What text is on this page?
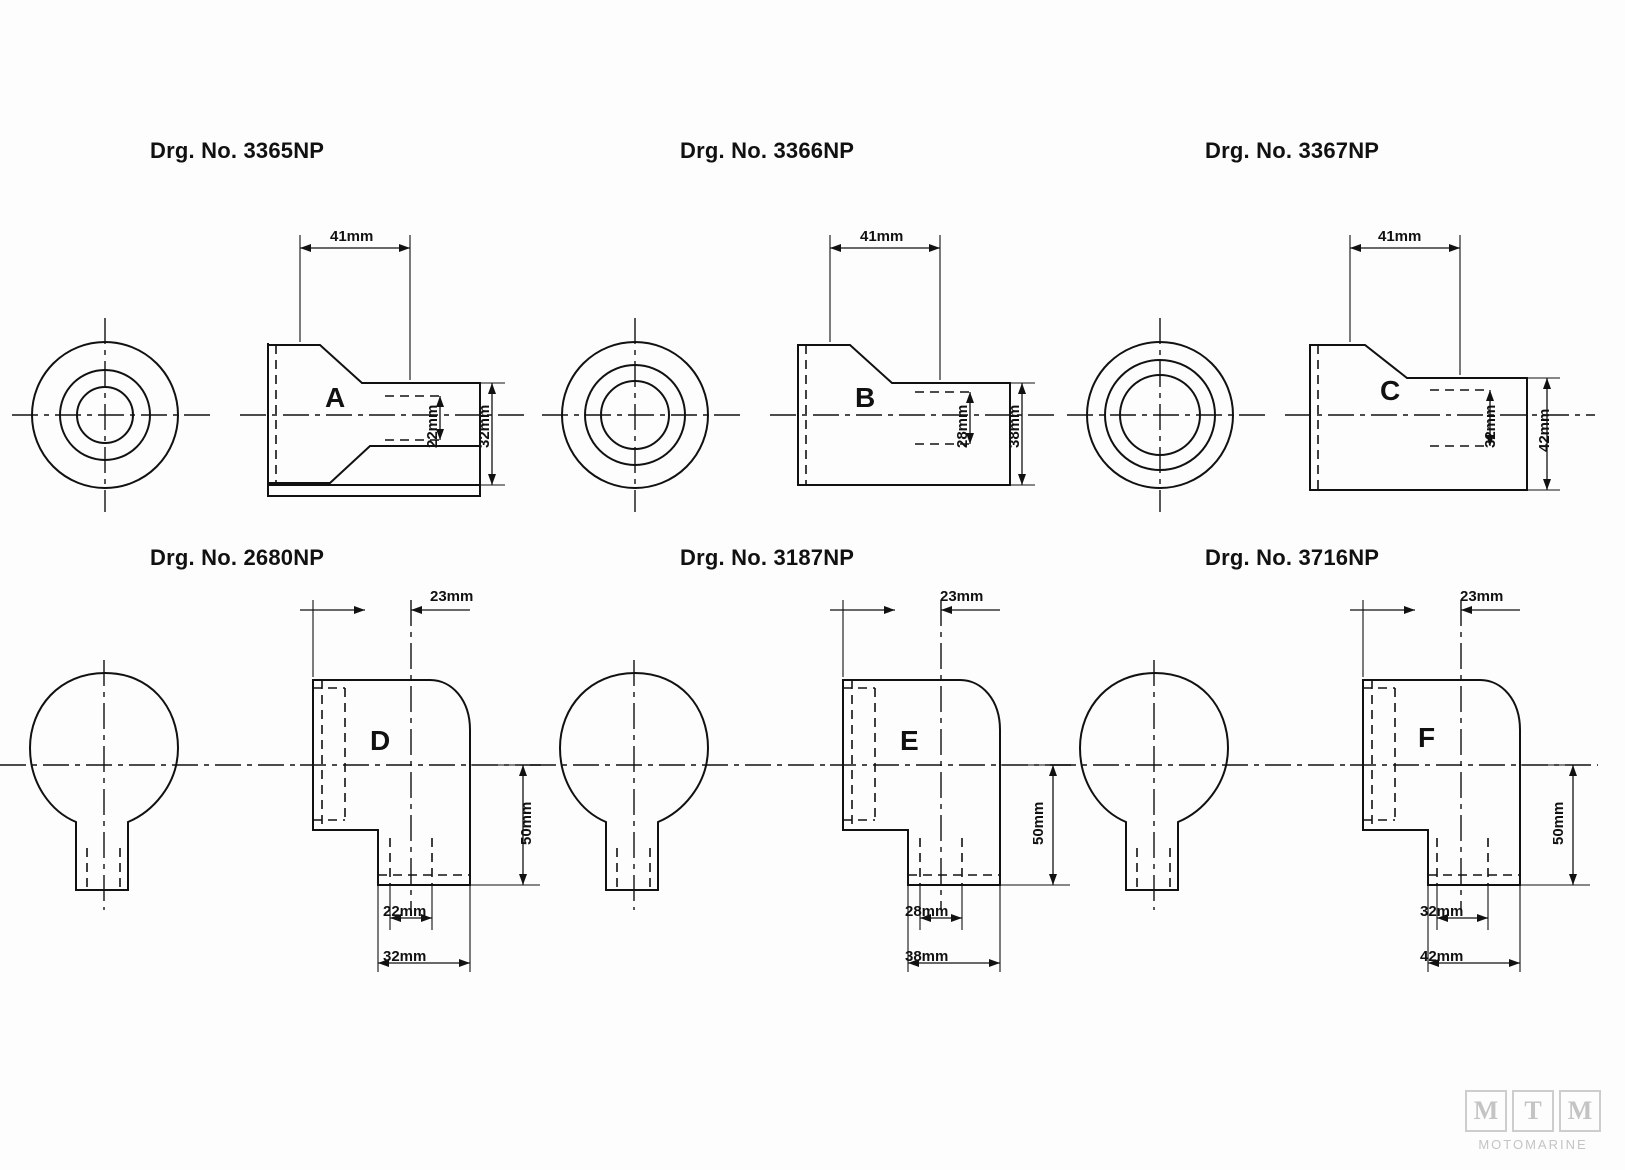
Drg. No. 3365NP
A
41mm
22mm 32mm
Drg. No. 3366NP
B
41mm
28mm 38mm
Drg. No. 3367NP
C
41mm
32mm 42mm
Drg. No. 2680NP
D
23mm
50mm
22mm
32mm
Drg. No. 3187NP
E
23mm
50mm
28mm
38mm
Drg. No. 3716NP
F
23mm
50mm
32mm
42mm
M	T	M
MOTOMARINE
